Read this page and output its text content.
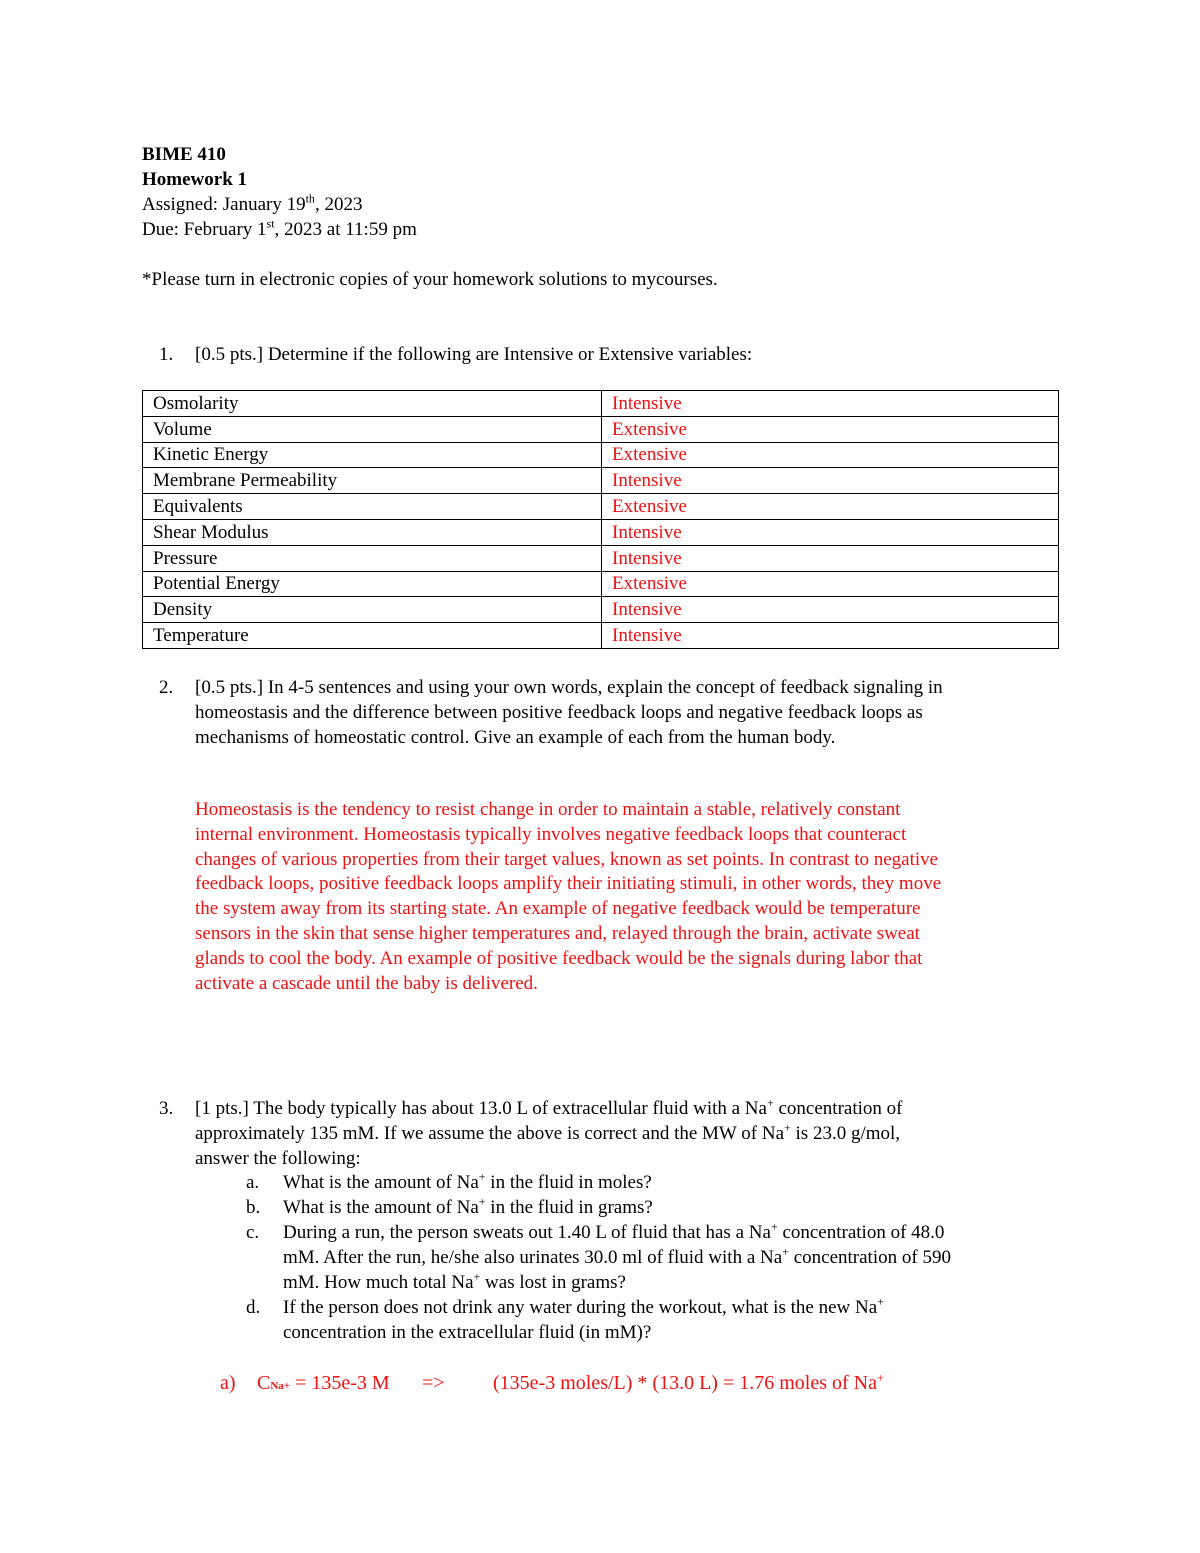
BIME 410
Homework 1
Assigned: January 19th, 2023
Due: February 1st, 2023 at 11:59 pm
*Please turn in electronic copies of your homework solutions to mycourses.
1. [0.5 pts.] Determine if the following are Intensive or Extensive variables:
Osmolarity	Intensive
Volume	Extensive
Kinetic Energy	Extensive
Membrane Permeability	Intensive
Equivalents	Extensive
Shear Modulus	Intensive
Pressure	Intensive
Potential Energy	Extensive
Density	Intensive
Temperature	Intensive
2. [0.5 pts.] In 4-5 sentences and using your own words, explain the concept of feedback signaling in
homeostasis and the difference between positive feedback loops and negative feedback loops as
mechanisms of homeostatic control. Give an example of each from the human body.
Homeostasis is the tendency to resist change in order to maintain a stable, relatively constant
internal environment. Homeostasis typically involves negative feedback loops that counteract
changes of various properties from their target values, known as set points. In contrast to negative
feedback loops, positive feedback loops amplify their initiating stimuli, in other words, they move
the system away from its starting state. An example of negative feedback would be temperature
sensors in the skin that sense higher temperatures and, relayed through the brain, activate sweat
glands to cool the body. An example of positive feedback would be the signals during labor that
activate a cascade until the baby is delivered.
3. [1 pts.] The body typically has about 13.0 L of extracellular fluid with a Na+ concentration of
approximately 135 mM. If we assume the above is correct and the MW of Na+ is 23.0 g/mol,
answer the following:
a. What is the amount of Na+ in the fluid in moles?
b. What is the amount of Na+ in the fluid in grams?
c. During a run, the person sweats out 1.40 L of fluid that has a Na+ concentration of 48.0
mM. After the run, he/she also urinates 30.0 ml of fluid with a Na+ concentration of 590
mM. How much total Na+ was lost in grams?
d. If the person does not drink any water during the workout, what is the new Na+
concentration in the extracellular fluid (in mM)?
a) CNa+ = 135e-3 M => (135e-3 moles/L) * (13.0 L) = 1.76 moles of Na+
